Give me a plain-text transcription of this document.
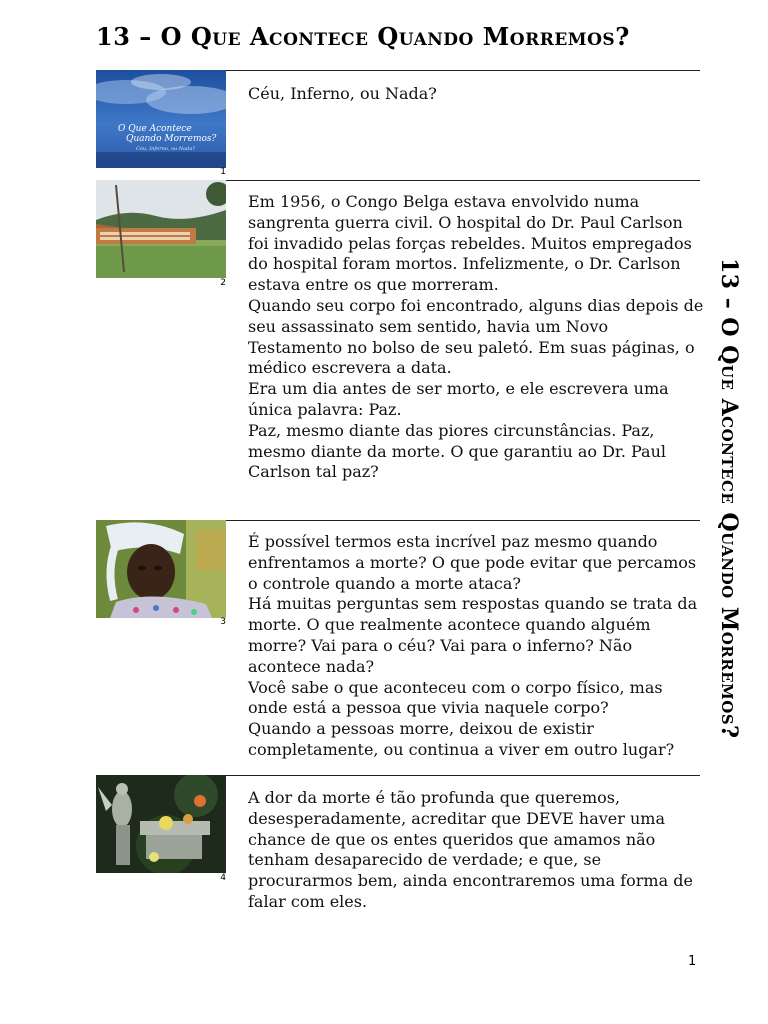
13 – O Que Acontece Quando Morremos?
13 – O Que Acontece Quando Morremos?
O Que Acontece
Quando Morremos?
Céu, Inferno, ou Nada?
1

Céu, Inferno, ou Nada?

2

Em 1956, o Congo Belga estava envolvido numa sangrenta guerra civil. O hospital do Dr. Paul Carlson foi invadido pelas forças rebeldes. Muitos empregados do hospital foram mortos. Infelizmente, o Dr. Carlson estava entre os que morreram.

Quando seu corpo foi encontrado, alguns dias depois de seu assassinato sem sentido, havia um Novo Testamento no bolso de seu paletó. Em suas páginas, o médico escrevera a data.

Era um dia antes de ser morto, e ele escrevera uma única palavra: Paz.

Paz, mesmo diante das piores circunstâncias. Paz, mesmo diante da morte. O que garantiu ao Dr. Paul Carlson tal paz?

3

É possível termos esta incrível paz mesmo quando enfrentamos a morte? O que pode evitar que percamos o controle quando a morte ataca?

Há muitas perguntas sem respostas quando se trata da morte. O que realmente acontece quando alguém morre? Vai para o céu? Vai para o inferno? Não acontece nada?

Você sabe o que aconteceu com o corpo físico, mas onde está a pessoa que vivia naquele corpo?

Quando a pessoas morre, deixou de existir completamente, ou continua a viver em outro lugar?

4

A dor da morte é tão profunda que queremos, desesperadamente, acreditar que DEVE haver uma chance de que os entes queridos que amamos não tenham desaparecido de verdade; e que, se procurarmos bem, ainda encontraremos uma forma de falar com eles.

1
